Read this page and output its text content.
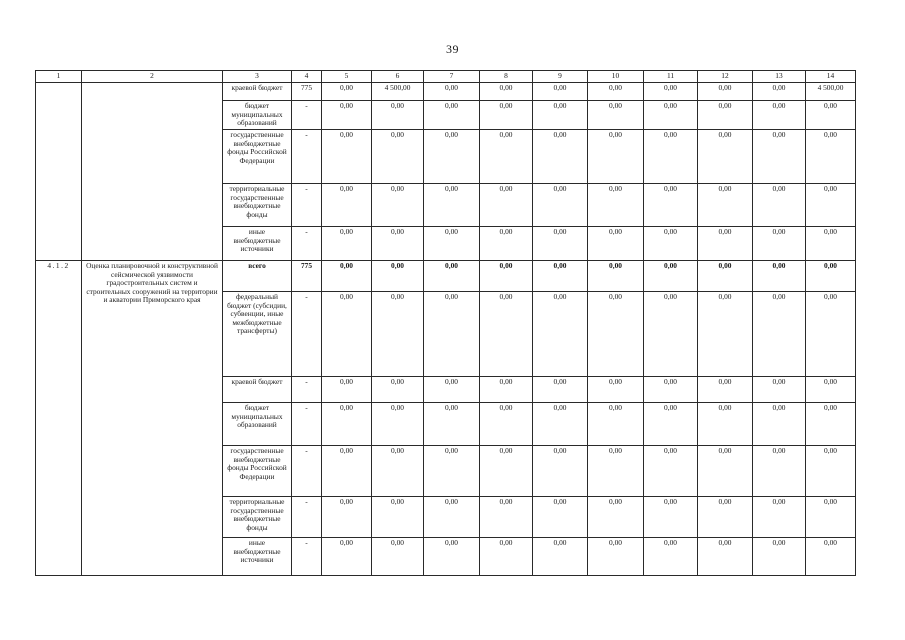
39
1	2	3	4	5	6	7	8	9	10	11	12	13	14
		краевой бюджет	775	0,00	4 500,00	0,00	0,00	0,00	0,00	0,00	0,00	0,00	4 500,00
		бюджет муниципальных образований	-	0,00	0,00	0,00	0,00	0,00	0,00	0,00	0,00	0,00	0,00
		государственные внебюджетные фонды Российской Федерации	-	0,00	0,00	0,00	0,00	0,00	0,00	0,00	0,00	0,00	0,00
		территориальные государственные внебюджетные фонды	-	0,00	0,00	0,00	0,00	0,00	0,00	0,00	0,00	0,00	0,00
		иные внебюджетные источники	-	0,00	0,00	0,00	0,00	0,00	0,00	0,00	0,00	0,00	0,00
4.1.2	Оценка планировочной и конструктивной сейсмической уязвимости градостроительных систем и строительных сооружений на территории и акватории Приморского края	всего	775	0,00	0,00	0,00	0,00	0,00	0,00	0,00	0,00	0,00	0,00
		федеральный бюджет (субсидии, субвенции, иные межбюджетные трансферты)	-	0,00	0,00	0,00	0,00	0,00	0,00	0,00	0,00	0,00	0,00
		краевой бюджет	-	0,00	0,00	0,00	0,00	0,00	0,00	0,00	0,00	0,00	0,00
		бюджет муниципальных образований	-	0,00	0,00	0,00	0,00	0,00	0,00	0,00	0,00	0,00	0,00
		государственные внебюджетные фонды Российской Федерации	-	0,00	0,00	0,00	0,00	0,00	0,00	0,00	0,00	0,00	0,00
		территориальные государственные внебюджетные фонды	-	0,00	0,00	0,00	0,00	0,00	0,00	0,00	0,00	0,00	0,00
		иные внебюджетные источники	-	0,00	0,00	0,00	0,00	0,00	0,00	0,00	0,00	0,00	0,00
